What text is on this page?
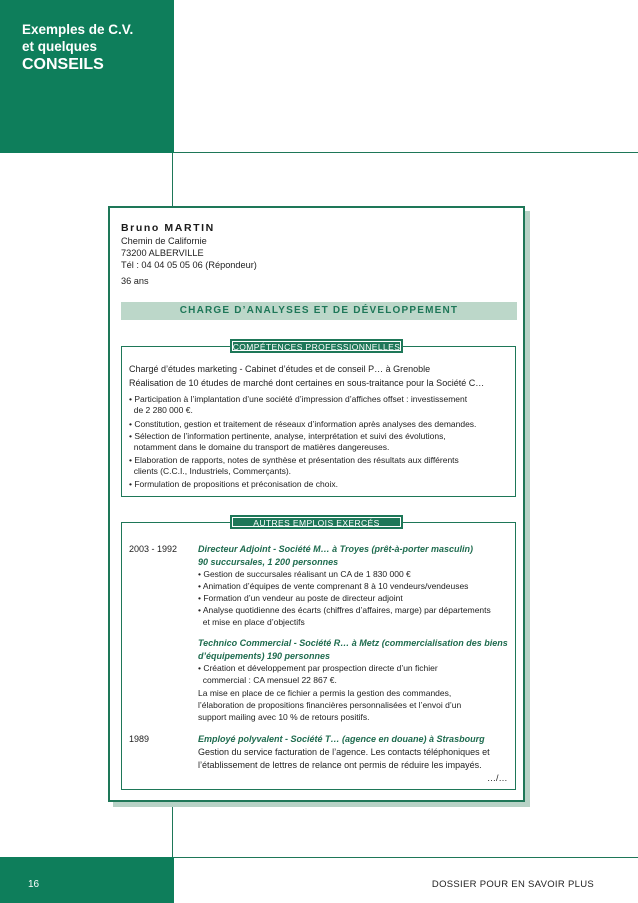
Exemples de C.V.
et quelques
CONSEILS
16	DOSSIER POUR EN SAVOIR PLUS
Bruno MARTIN
Chemin de Californie
73200 ALBERVILLE
Tél : 04 04 05 05 06 (Répondeur)
36 ans
CHARGE D’ANALYSES ET DE DÉVELOPPEMENT
COMPÉTENCES PROFESSIONNELLES
Chargé d’études marketing - Cabinet d’études et de conseil P… à Grenoble
Réalisation de 10 études de marché dont certaines en sous-traitance pour la Société C…
• Participation à l’implantation d’une société d’impression d’affiches offset : investissement
de 2 280 000 €.
• Constitution, gestion et traitement de réseaux d’information après analyses des demandes.
• Sélection de l’information pertinente, analyse, interprétation et suivi des évolutions,
notamment dans le domaine du transport de matières dangereuses.
• Elaboration de rapports, notes de synthèse et présentation des résultats aux différents
clients (C.C.I., Industriels, Commerçants).
• Formulation de propositions et préconisation de choix.
AUTRES EMPLOIS EXERCÉS
2003 - 1992 Directeur Adjoint - Société M… à Troyes (prêt-à-porter masculin)
90 succursales, 1 200 personnes
• Gestion de succursales réalisant un CA de 1 830 000 €
• Animation d’équipes de vente comprenant 8 à 10 vendeurs/vendeuses
• Formation d’un vendeur au poste de directeur adjoint
• Analyse quotidienne des écarts (chiffres d’affaires, marge) par départements
et mise en place d’objectifs
Technico Commercial - Société R… à Metz (commercialisation des biens
d’équipements) 190 personnes
• Création et développement par prospection directe d’un fichier
commercial : CA mensuel 22 867 €.
La mise en place de ce fichier a permis la gestion des commandes,
l’élaboration de propositions financières personnalisées et l’envoi d’un
support mailing avec 10 % de retours positifs.
1989	Employé polyvalent - Société T… (agence en douane) à Strasbourg
Gestion du service facturation de l’agence. Les contacts téléphoniques et
l’établissement de lettres de relance ont permis de réduire les impayés.
…/…
